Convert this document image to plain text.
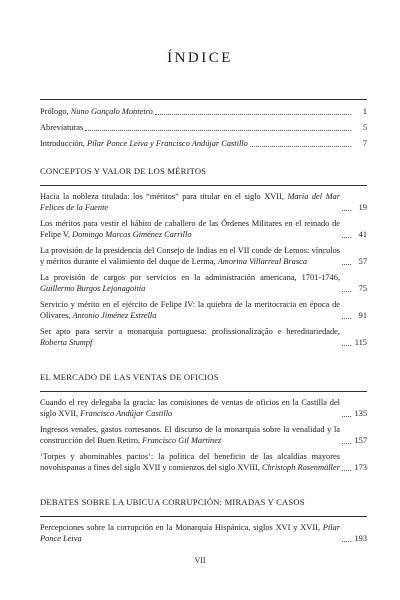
ÍNDICE
Prólogo, Nuno Gonçalo Monteiro	1
Abreviaturas	5
Introducción, Pilar Ponce Leiva y Francisco Andújar Castillo	7
CONCEPTOS Y VALOR DE LOS MÉRITOS
Hacia la nobleza titulada: los “méritos” para titular en el siglo XVII, María del Mar Felices de la Fuente	19
Los méritos para vestir el hábito de caballero de las Órdenes Militares en el reinado de Felipe V, Domingo Marcos Giménez Carrillo	41
La provisión de la presidencia del Consejo de Indias en el VII conde de Lemos: vínculos y méritos durante el valimiento del duque de Lerma, Amorina Villarreal Brasca	57
La provisión de cargos por servicios en la administración americana, 1701-1746, Guillermo Burgos Lejonagoitia	75
Servicio y mérito en el ejército de Felipe IV: la quiebra de la meritocracia en época de Olivares, Antonio Jiménez Estrella	91
Ser apto para servir a monarquía portuguesa: profissionalização e hereditariedade, Roberta Stumpf	115
EL MERCADO DE LAS VENTAS DE OFICIOS
Cuando el rey delegaba la gracia: las comisiones de ventas de oficios en la Castilla del siglo XVII, Francisco Andújar Castillo	135
Ingresos venales, gastos cortesanos. El discurso de la monarquía sobre la venalidad y la construcción del Buen Retiro, Francisco Gil Martínez	157
‘Torpes y abominables pactos’: la política del beneficio de las alcaldías mayores novohispanas a fines del siglo XVII y comienzos del siglo XVIII, Christoph Rosenmüller 173
DEBATES SOBRE LA UBICUA CORRUPCIÓN: MIRADAS Y CASOS
Percepciones sobre la corrupción en la Monarquía Hispánica, siglos XVI y XVII, Pilar Ponce Leiva	193
VII
